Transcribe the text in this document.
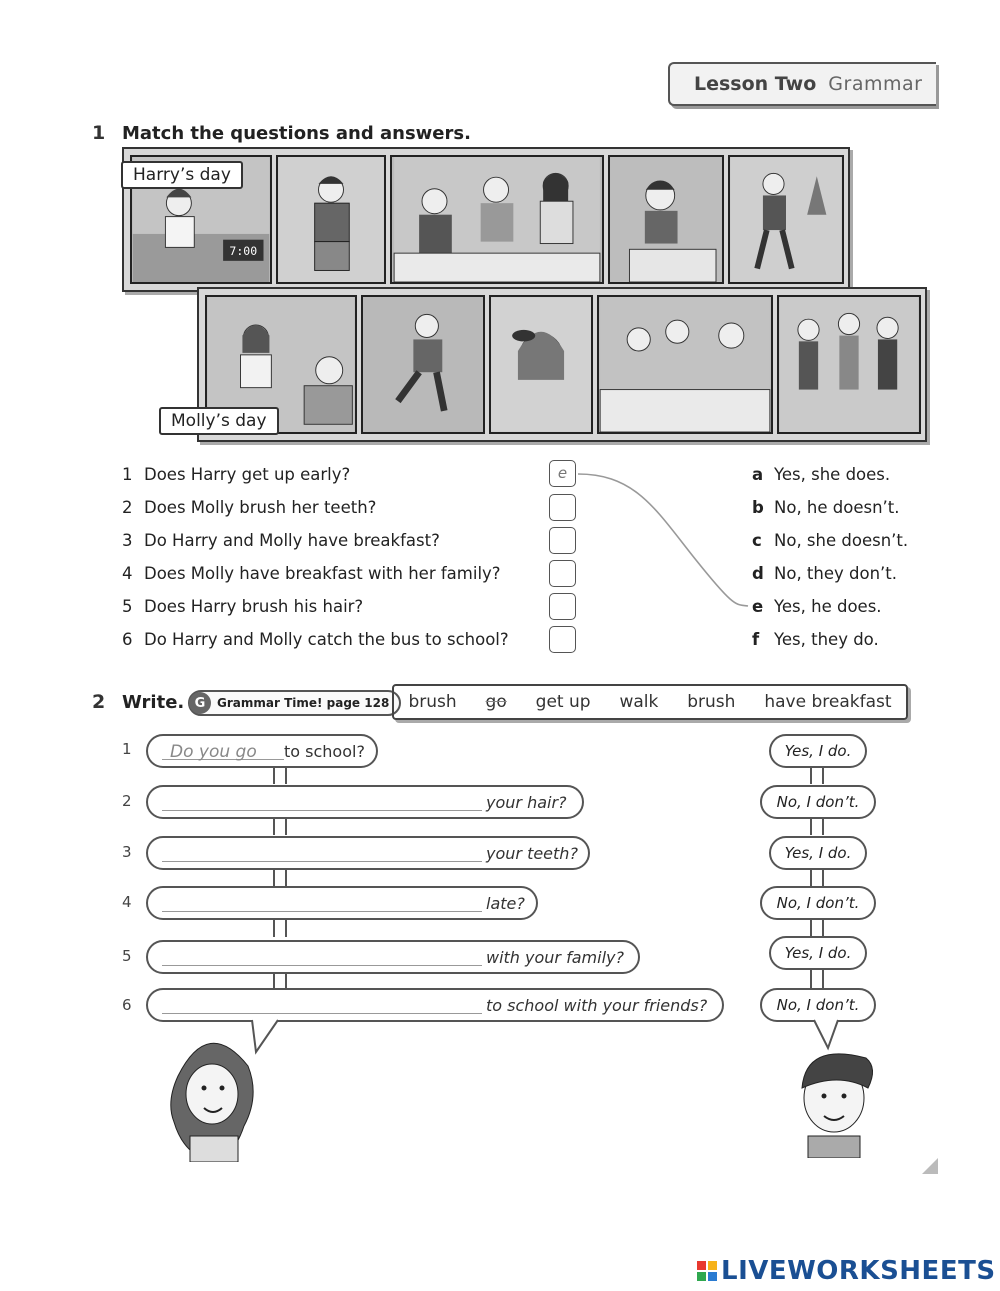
Lesson Two Grammar
1 Match the questions and answers.
7:00
Harry’s day
Molly’s day
1 Does Harry get up early?
2 Does Molly brush her teeth?
3 Do Harry and Molly have breakfast?
4 Does Molly have breakfast with her family?
5 Does Harry brush his hair?
6 Do Harry and Molly catch the bus to school?
e	a Yes, she does.
b No, he doesn’t.
c No, she doesn’t.
d No, they don’t.
e Yes, he does.
f Yes, they do.
2 Write. G Grammar Time! page 128 brush go get up walk brush have breakfast
1
2
3
4
5
6
Do you go to school?
your hair?
your teeth?
late?
with your family?
to school with your friends?
Yes, I do.
No, I don’t.
Yes, I do.
No, I don’t.
Yes, I do.
No, I don’t.
LIVEWORKSHEETS
